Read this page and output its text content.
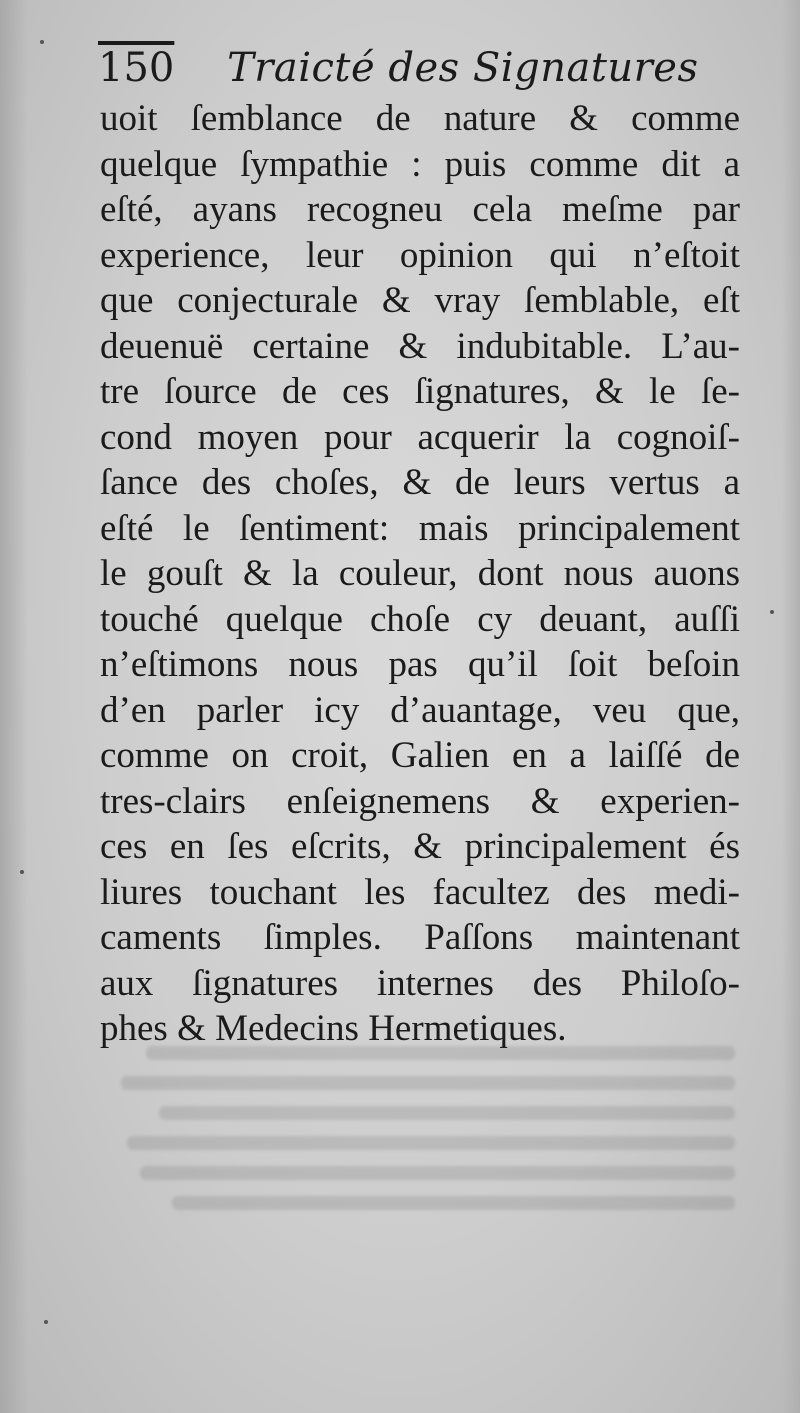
150 Traicté des Signatures
uoit ſemblance de nature & comme
quelque ſympathie : puis comme dit a
eſté, ayans recogneu cela meſme par
experience, leur opinion qui n’eſtoit
que conjecturale & vray ſemblable, eſt
deuenuë certaine & indubitable. L’au-
tre ſource de ces ſignatures, & le ſe-
cond moyen pour acquerir la cognoiſ-
ſance des choſes, & de leurs vertus a
eſté le ſentiment: mais principalement
le gouſt & la couleur, dont nous auons
touché quelque choſe cy deuant, auſſi
n’eſtimons nous pas qu’il ſoit beſoin
d’en parler icy d’auantage, veu que,
comme on croit, Galien en a laiſſé de
tres-clairs enſeignemens & experien-
ces en ſes eſcrits, & principalement és
liures touchant les facultez des medi-
caments ſimples. Paſſons maintenant
aux ſignatures internes des Philoſo-
phes & Medecins Hermetiques.
